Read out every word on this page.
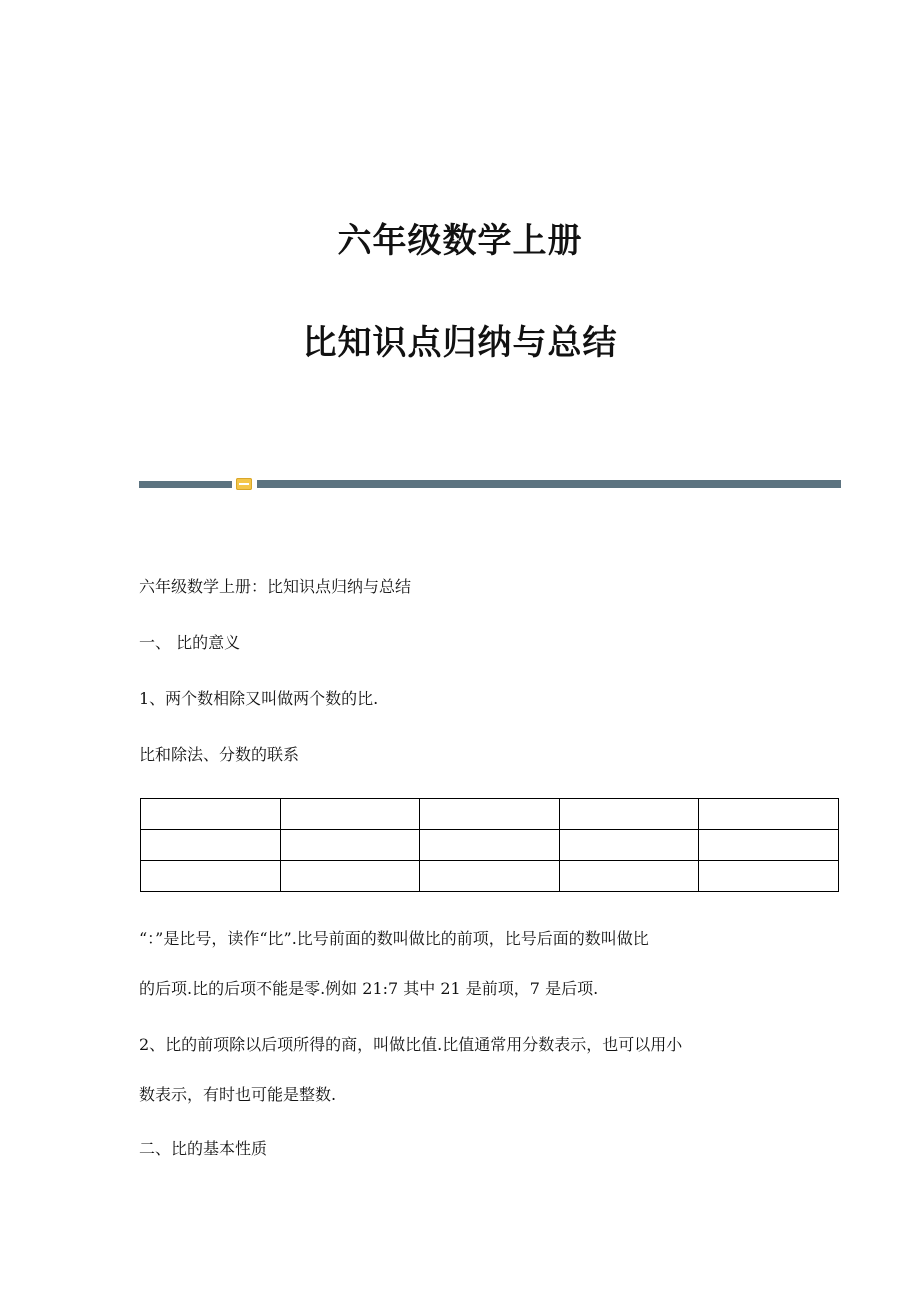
六年级数学上册
比知识点归纳与总结
六年级数学上册：比知识点归纳与总结
一、 比的意义
1、两个数相除又叫做两个数的比.
比和除法、分数的联系

“：”是比号，读作“比”.比号前面的数叫做比的前项，比号后面的数叫做比
的后项.比的后项不能是零.例如 21:7 其中 21 是前项，7 是后项.
2、比的前项除以后项所得的商，叫做比值.比值通常用分数表示，也可以用小
数表示，有时也可能是整数.
二、比的基本性质
